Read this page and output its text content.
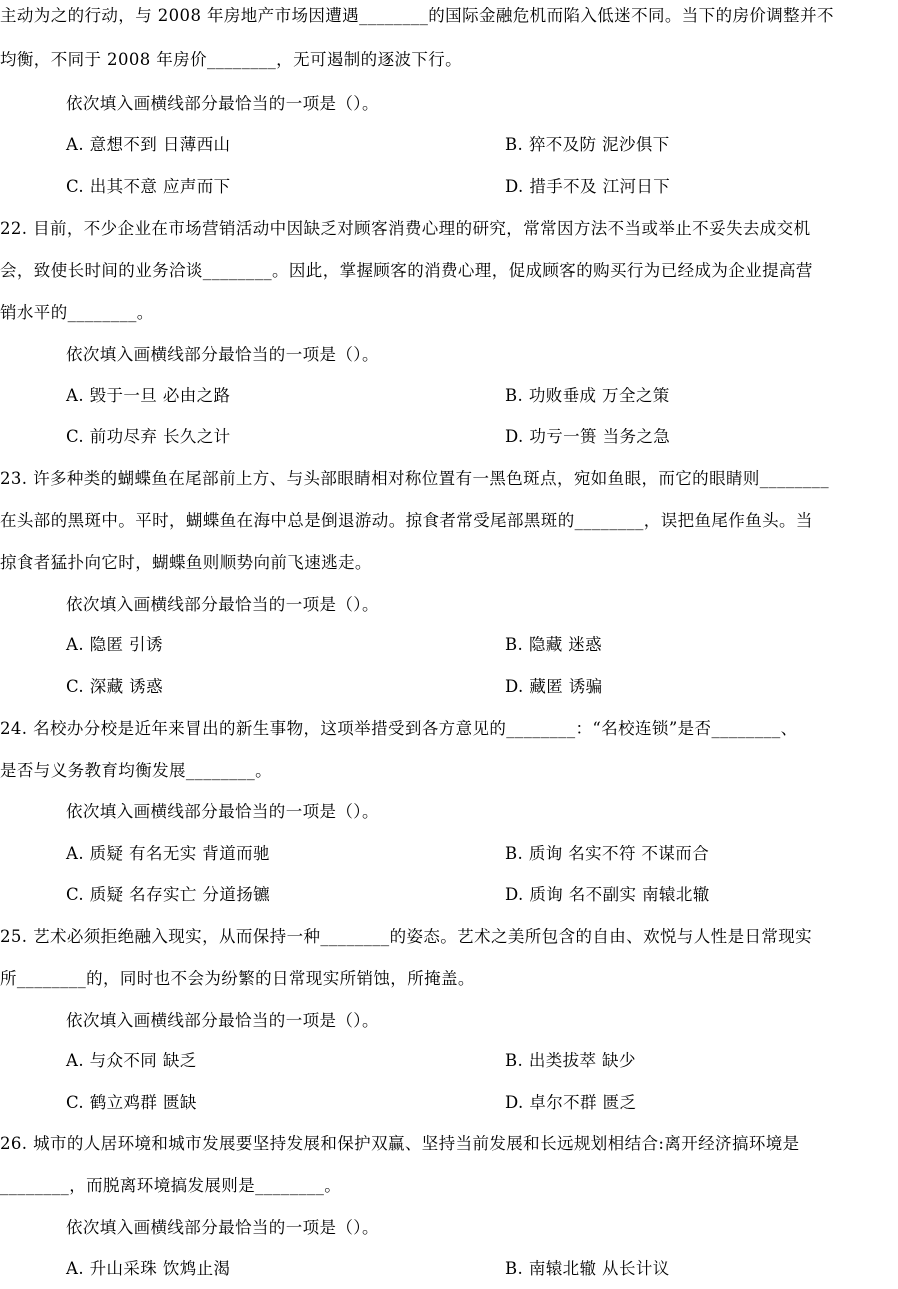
主动为之的行动，与 2008 年房地产市场因遭遇________的国际金融危机而陷入低迷不同。当下的房价调整并不
均衡，不同于 2008 年房价________，无可遏制的逐波下行。
依次填入画横线部分最恰当的一项是（）。
A. 意想不到 日薄西山	B. 猝不及防 泥沙俱下
C. 出其不意 应声而下	D. 措手不及 江河日下
22. 目前，不少企业在市场营销活动中因缺乏对顾客消费心理的研究，常常因方法不当或举止不妥失去成交机
会，致使长时间的业务洽谈________。因此，掌握顾客的消费心理，促成顾客的购买行为已经成为企业提高营
销水平的________。
依次填入画横线部分最恰当的一项是（）。
A. 毁于一旦 必由之路	B. 功败垂成 万全之策
C. 前功尽弃 长久之计	D. 功亏一篑 当务之急
23. 许多种类的蝴蝶鱼在尾部前上方、与头部眼睛相对称位置有一黑色斑点，宛如鱼眼，而它的眼睛则________
在头部的黑斑中。平时，蝴蝶鱼在海中总是倒退游动。掠食者常受尾部黑斑的________，误把鱼尾作鱼头。当
掠食者猛扑向它时，蝴蝶鱼则顺势向前飞速逃走。
依次填入画横线部分最恰当的一项是（）。
A. 隐匿 引诱	B. 隐藏 迷惑
C. 深藏 诱惑	D. 藏匿 诱骗
24. 名校办分校是近年来冒出的新生事物，这项举措受到各方意见的________：“名校连锁”是否________、
是否与义务教育均衡发展________。
依次填入画横线部分最恰当的一项是（）。
A. 质疑 有名无实 背道而驰	B. 质询 名实不符 不谋而合
C. 质疑 名存实亡 分道扬镳	D. 质询 名不副实 南辕北辙
25. 艺术必须拒绝融入现实，从而保持一种________的姿态。艺术之美所包含的自由、欢悦与人性是日常现实
所________的，同时也不会为纷繁的日常现实所销蚀，所掩盖。
依次填入画横线部分最恰当的一项是（）。
A. 与众不同 缺乏	B. 出类拔萃 缺少
C. 鹤立鸡群 匮缺	D. 卓尔不群 匮乏
26. 城市的人居环境和城市发展要坚持发展和保护双赢、坚持当前发展和长远规划相结合:离开经济搞环境是
________，而脱离环境搞发展则是________。
依次填入画横线部分最恰当的一项是（）。
A. 升山采珠 饮鸩止渴	B. 南辕北辙 从长计议
